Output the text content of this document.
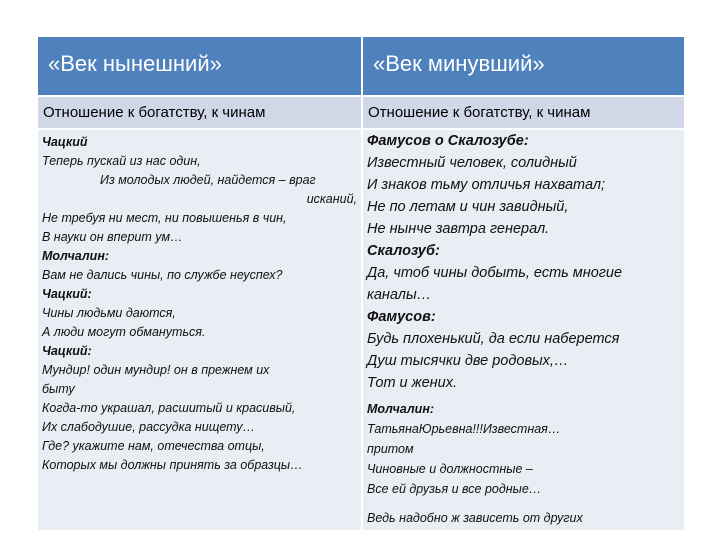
«Век нынешний»	«Век минувший»
Отношение к богатству, к чинам	Отношение к богатству, к чинам
Чацкий
Теперь пускай из нас один,
Из молодых людей, найдется – враг
исканий,
Не требуя ни мест, ни повышенья в чин,
В науки он вперит ум…
Молчалин:
Вам не дались чины, по службе неуспех?
Чацкий:
Чины людьми даются,
А люди могут обмануться.
Чацкий:
Мундир! один мундир! он в прежнем их
быту
Когда-то украшал, расшитый и красивый,
Их слабодушие, рассудка нищету…
Где? укажите нам, отечества отцы,
Которых мы должны принять за образцы…
Фамусов о Скалозубе:
Известный человек, солидный
И знаков тьму отличья нахватал;
Не по летам и чин завидный,
Не нынче завтра генерал.
Скалозуб:
Да, чтоб чины добыть, есть многие
каналы…
Фамусов:
Будь плохенький, да если наберется
Душ тысячки две родовых,…
Тот и жених.
Молчалин:
ТатьянаЮрьевна!!!Известная…
притом
Чиновные и должностные –
Все ей друзья и все родные…
Ведь надобно ж зависеть от других
